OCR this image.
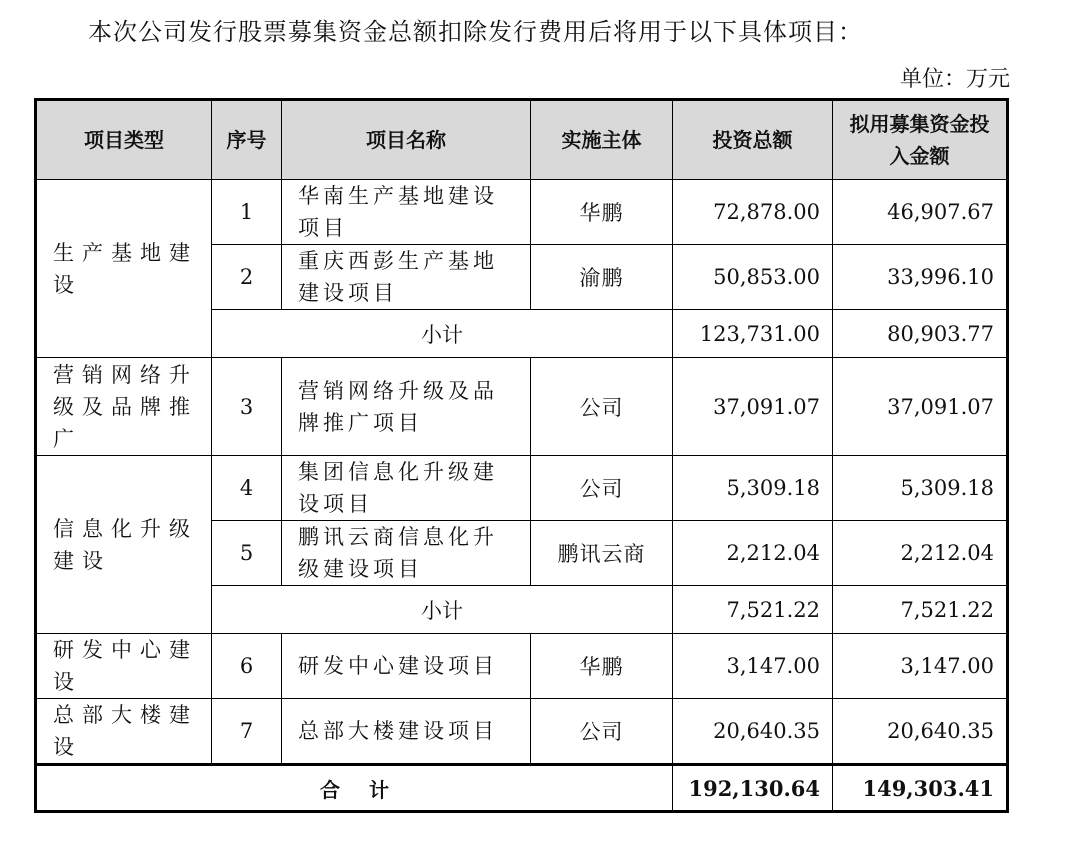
本次公司发行股票募集资金总额扣除发行费用后将用于以下具体项目：
单位：万元
项目类型	序号	项目名称	实施主体	投资总额	拟用募集资金投入金额
生产基地建设	1	华南生产基地建设项目	华鹏	72,878.00	46,907.67
	2	重庆西彭生产基地建设项目	渝鹏	50,853.00	33,996.10
	小计			123,731.00	80,903.77
营销网络升级及品牌推广	3	营销网络升级及品牌推广项目	公司	37,091.07	37,091.07
信息化升级建设	4	集团信息化升级建设项目	公司	5,309.18	5,309.18
	5	鹏讯云商信息化升级建设项目	鹏讯云商	2,212.04	2,212.04
	小计			7,521.22	7,521.22
研发中心建设	6	研发中心建设项目	华鹏	3,147.00	3,147.00
总部大楼建设	7	总部大楼建设项目	公司	20,640.35	20,640.35
合 计				192,130.64	149,303.41
